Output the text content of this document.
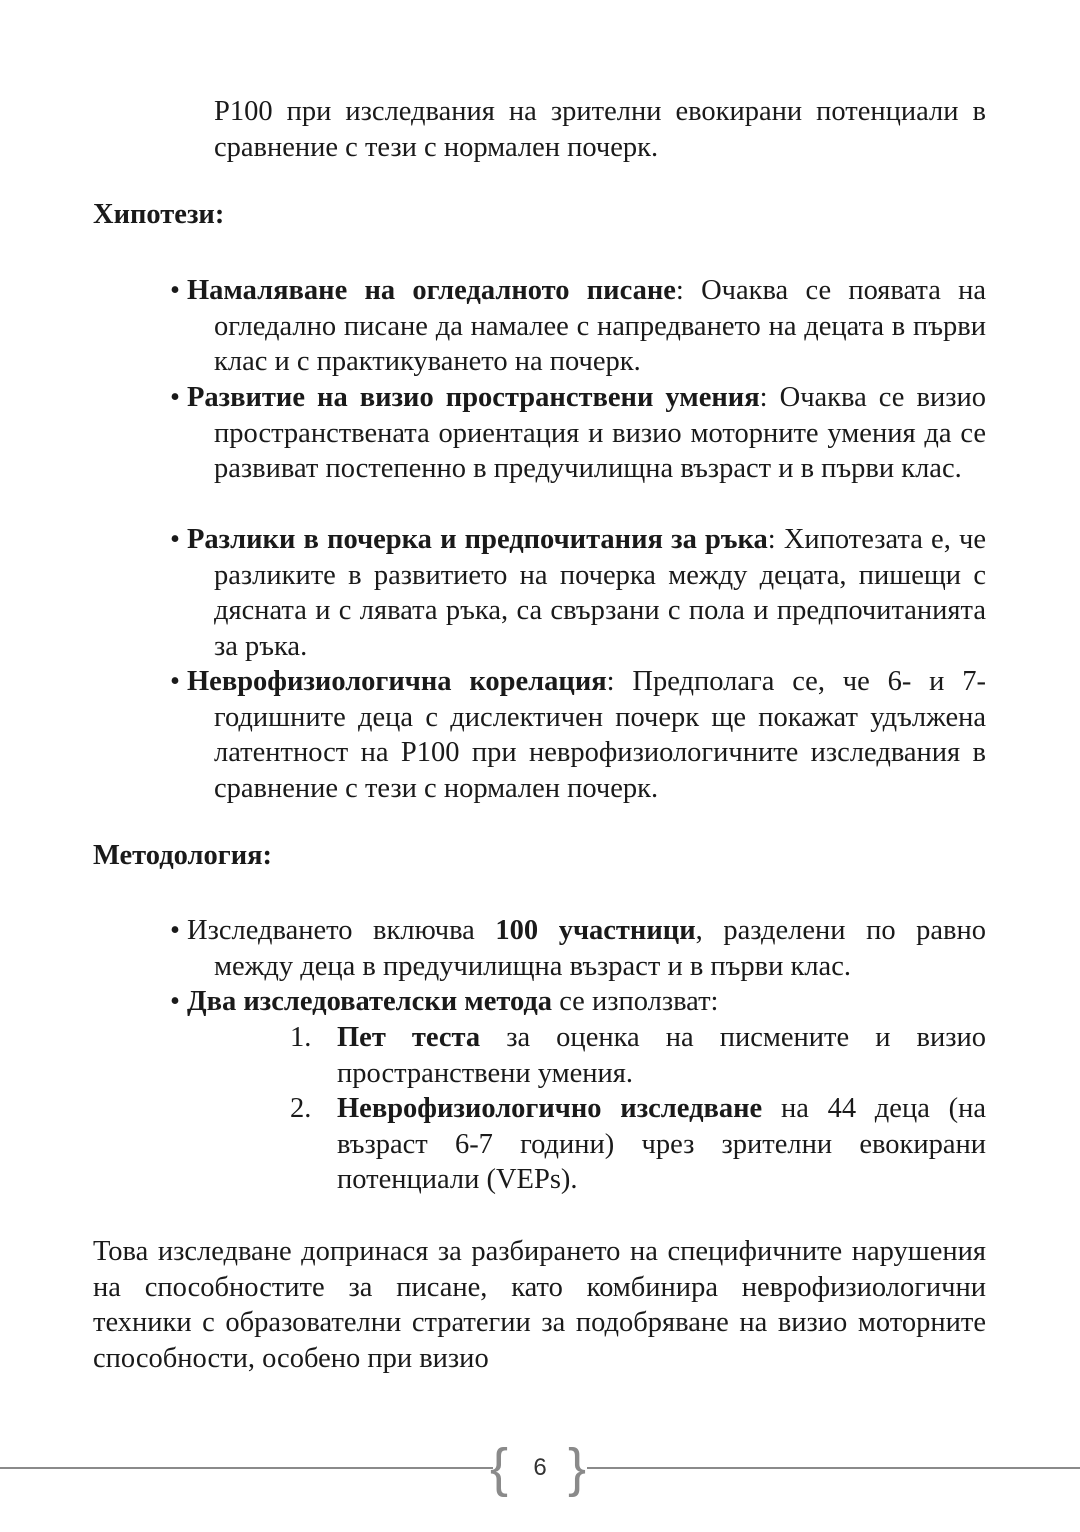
P100 при изследвания на зрителни евокирани потенциали в сравнение с тези с нормален почерк.

Хипотези:
• Намаляване на огледалното писане: Очаква се появата на огледално писане да намалее с напредването на децата в първи клас и с практикуването на почерк.
• Развитие на визио пространствени умения: Очаква се визио пространствената ориентация и визио моторните умения да се развиват постепенно в предучилищна възраст и в първи клас.
• Разлики в почерка и предпочитания за ръка: Хипотезата е, че разликите в развитието на почерка между децата, пишещи с дясната и с лявата ръка, са свързани с пола и предпочитанията за ръка.
• Неврофизиологична корелация: Предполага се, че 6- и 7-годишните деца с дислектичен почерк ще покажат удължена латентност на P100 при неврофизиологичните изследвания в сравнение с тези с нормален почерк.
Методология:
• Изследването включва 100 участници, разделени по равно между деца в предучилищна възраст и в първи клас.
• Два изследователски метода се използват:
1. Пет теста за оценка на писмените и визио пространствени умения.
2. Неврофизиологично изследване на 44 деца (на възраст 6-7 години) чрез зрителни евокирани потенциали (VEPs).

Това изследване допринася за разбирането на специфичните нарушения на способностите за писане, като комбинира неврофизиологични техники с образователни стратегии за подобряване на визио моторните способности, особено при визио

{	6 }
